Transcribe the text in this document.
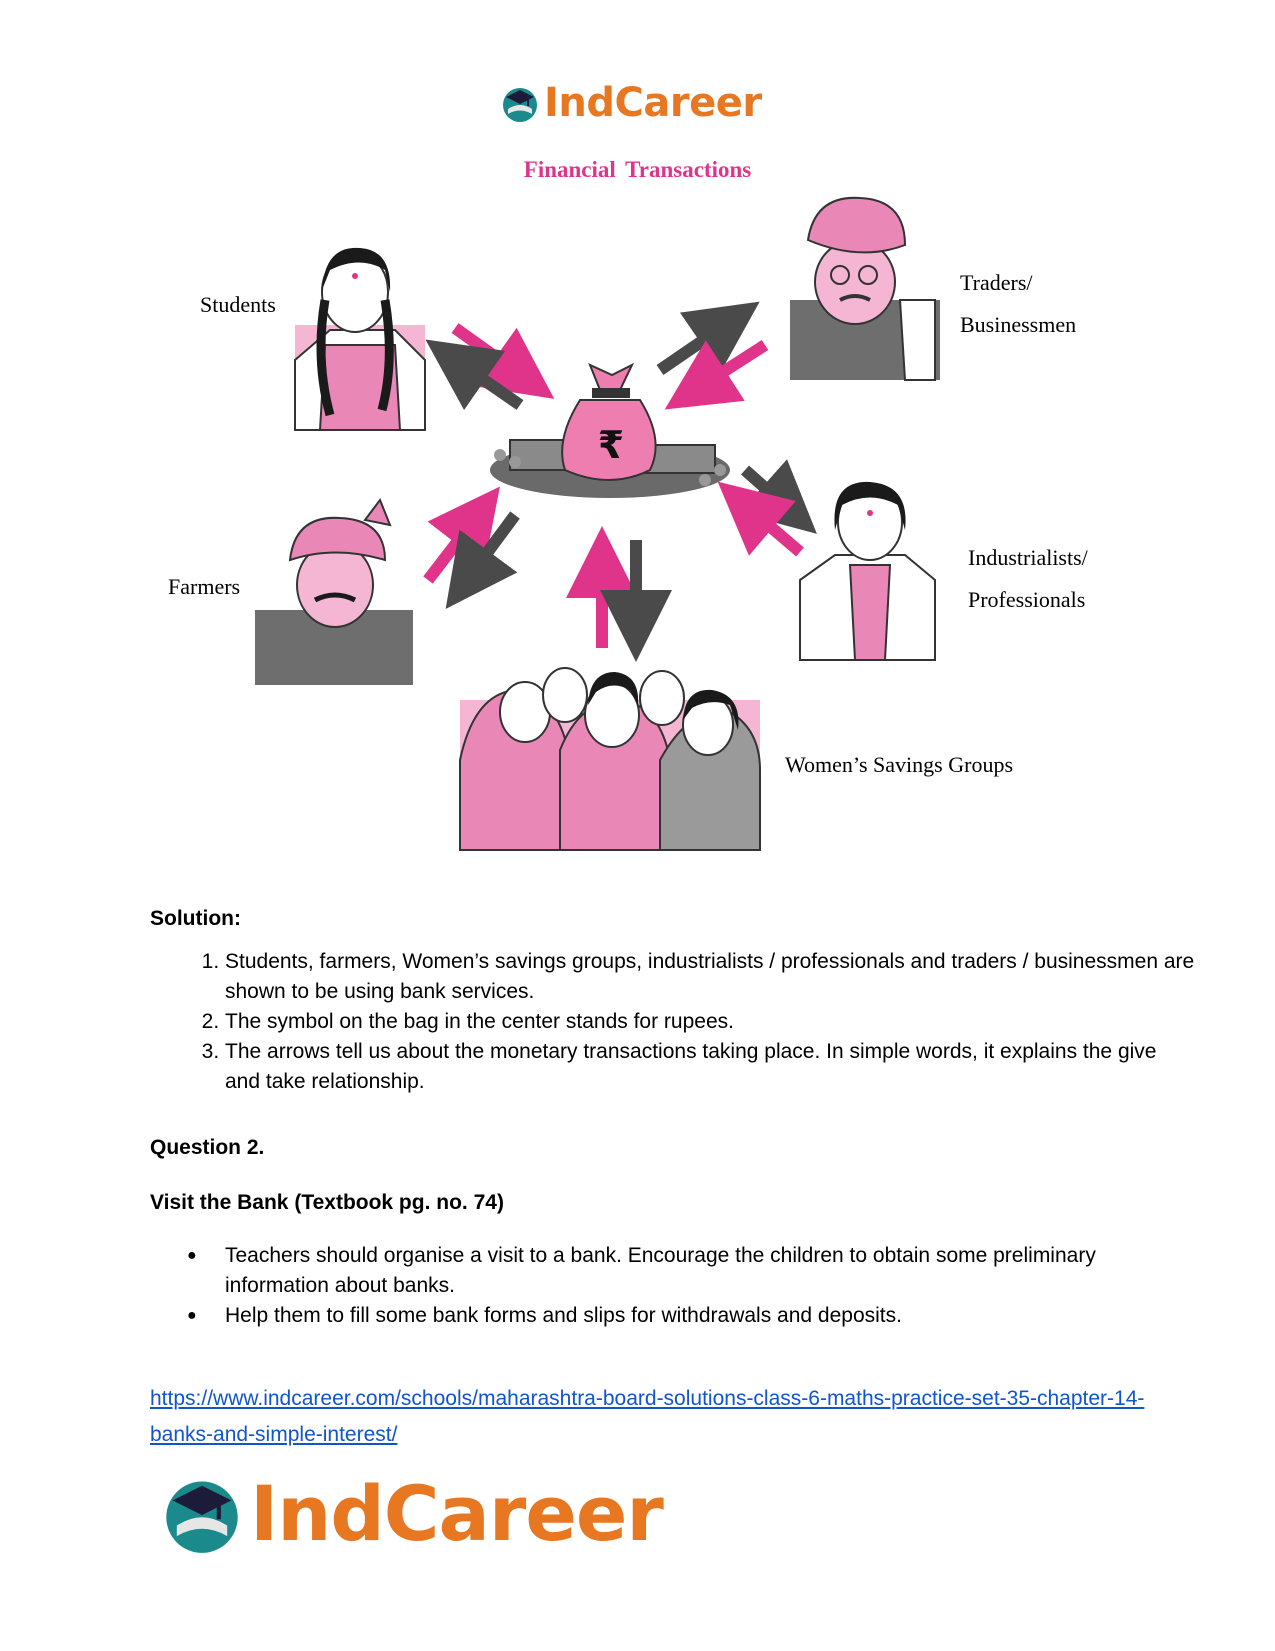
IndCareer
Financial Transactions
₹
Students
Traders/
Businessmen
Farmers
Industrialists/
Professionals
Women’s Savings Groups
Solution:
1. Students, farmers, Women’s savings groups, industrialists / professionals and traders / businessmen are shown to be using bank services.
2. The symbol on the bag in the center stands for rupees.
3. The arrows tell us about the monetary transactions taking place. In simple words, it explains the give and take relationship.
Question 2.
Visit the Bank (Textbook pg. no. 74)
● Teachers should organise a visit to a bank. Encourage the children to obtain some preliminary information about banks.
● Help them to fill some bank forms and slips for withdrawals and deposits.
https://www.indcareer.com/schools/maharashtra-board-solutions-class-6-maths-practice-set-35-chapter-14-banks-and-simple-interest/
IndCareer
